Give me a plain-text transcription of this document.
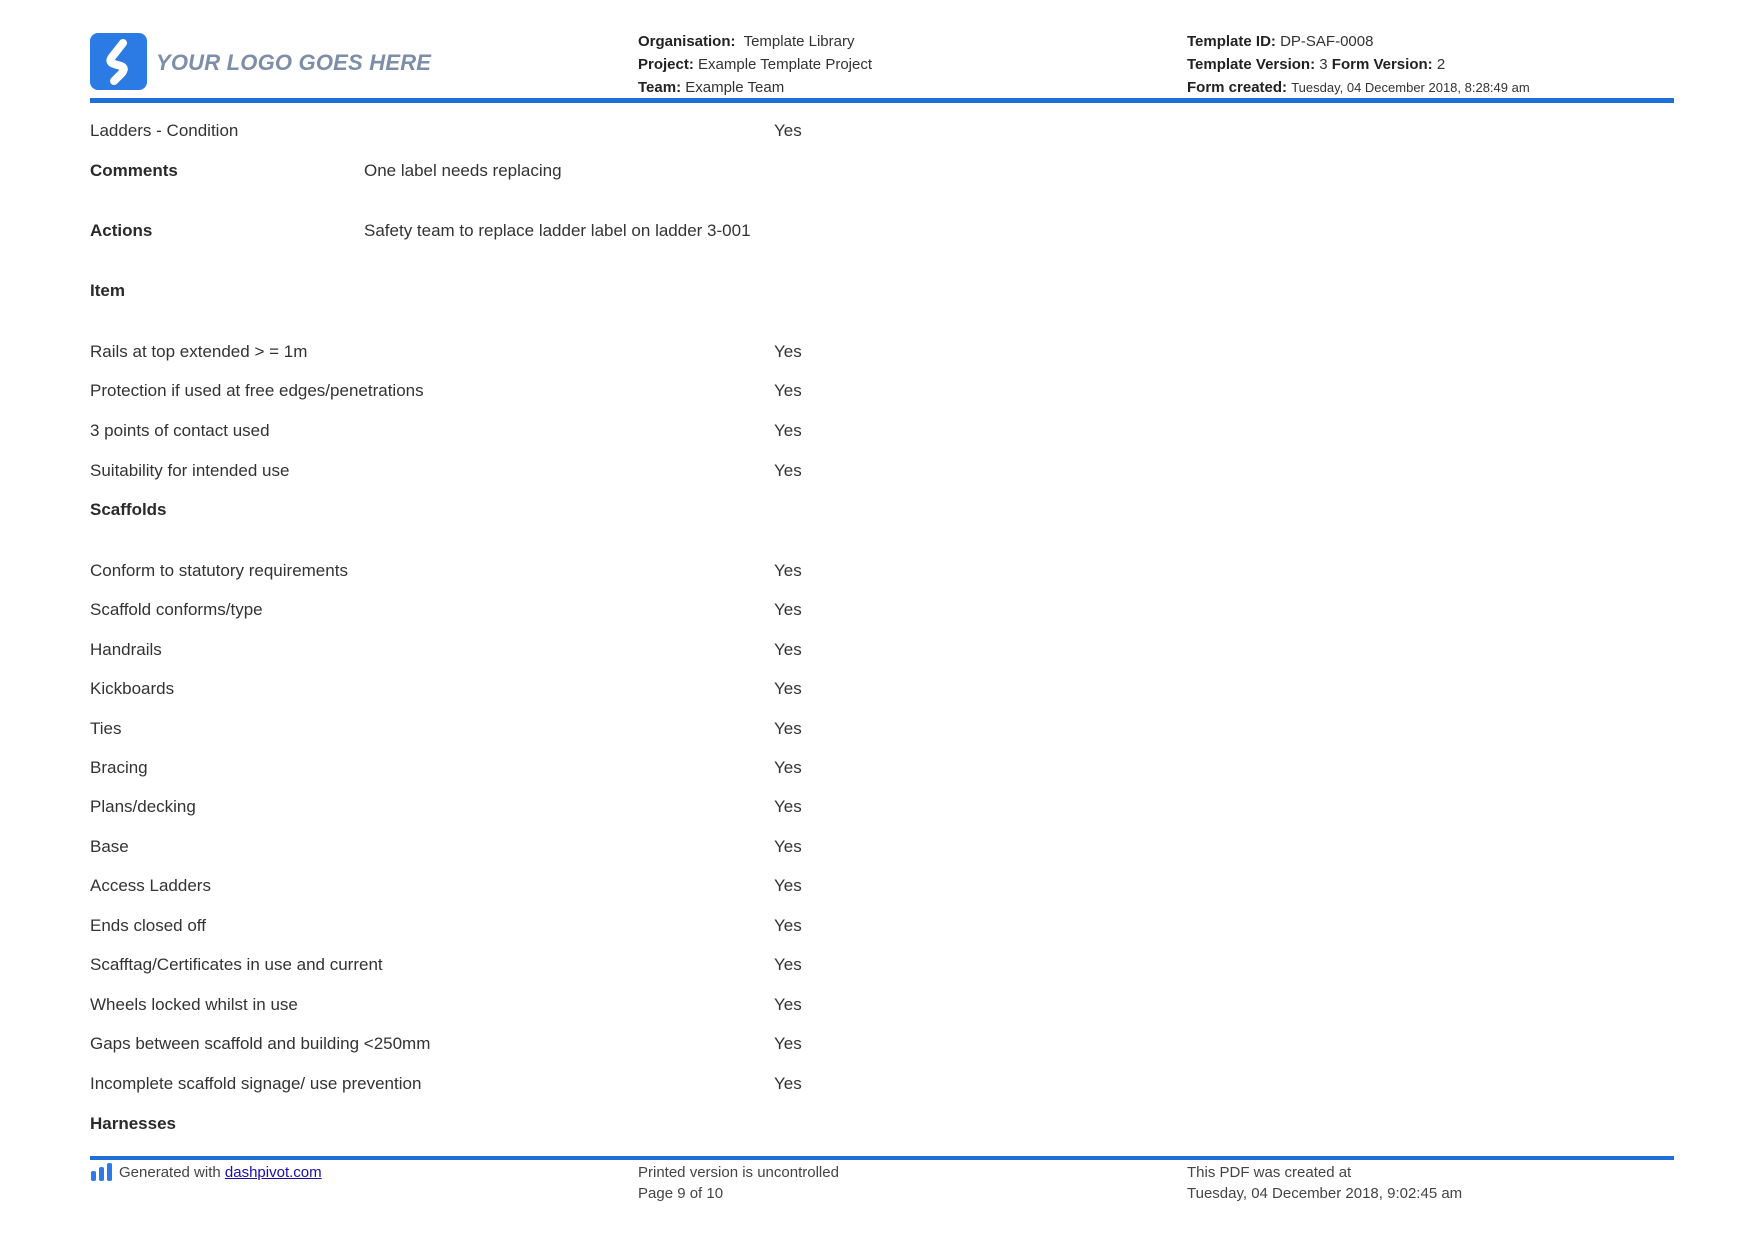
YOUR LOGO GOES HERE
Organisation: Template Library
Project: Example Template Project
Team: Example Team
Template ID: DP-SAF-0008
Template Version: 3 Form Version: 2
Form created: Tuesday, 04 December 2018, 8:28:49 am
Ladders - Condition	Yes
Comments	One label needs replacing
Actions	Safety team to replace ladder label on ladder 3-001
Item
Rails at top extended > = 1m	Yes
Protection if used at free edges/penetrations	Yes
3 points of contact used	Yes
Suitability for intended use	Yes
Scaffolds
Conform to statutory requirements	Yes
Scaffold conforms/type	Yes
Handrails	Yes
Kickboards	Yes
Ties	Yes
Bracing	Yes
Plans/decking	Yes
Base	Yes
Access Ladders	Yes
Ends closed off	Yes
Scafftag/Certificates in use and current	Yes
Wheels locked whilst in use	Yes
Gaps between scaffold and building <250mm	Yes
Incomplete scaffold signage/ use prevention	Yes
Harnesses
Generated with dashpivot.com	Printed version is uncontrolled
Page 9 of 10
This PDF was created at
Tuesday, 04 December 2018, 9:02:45 am
